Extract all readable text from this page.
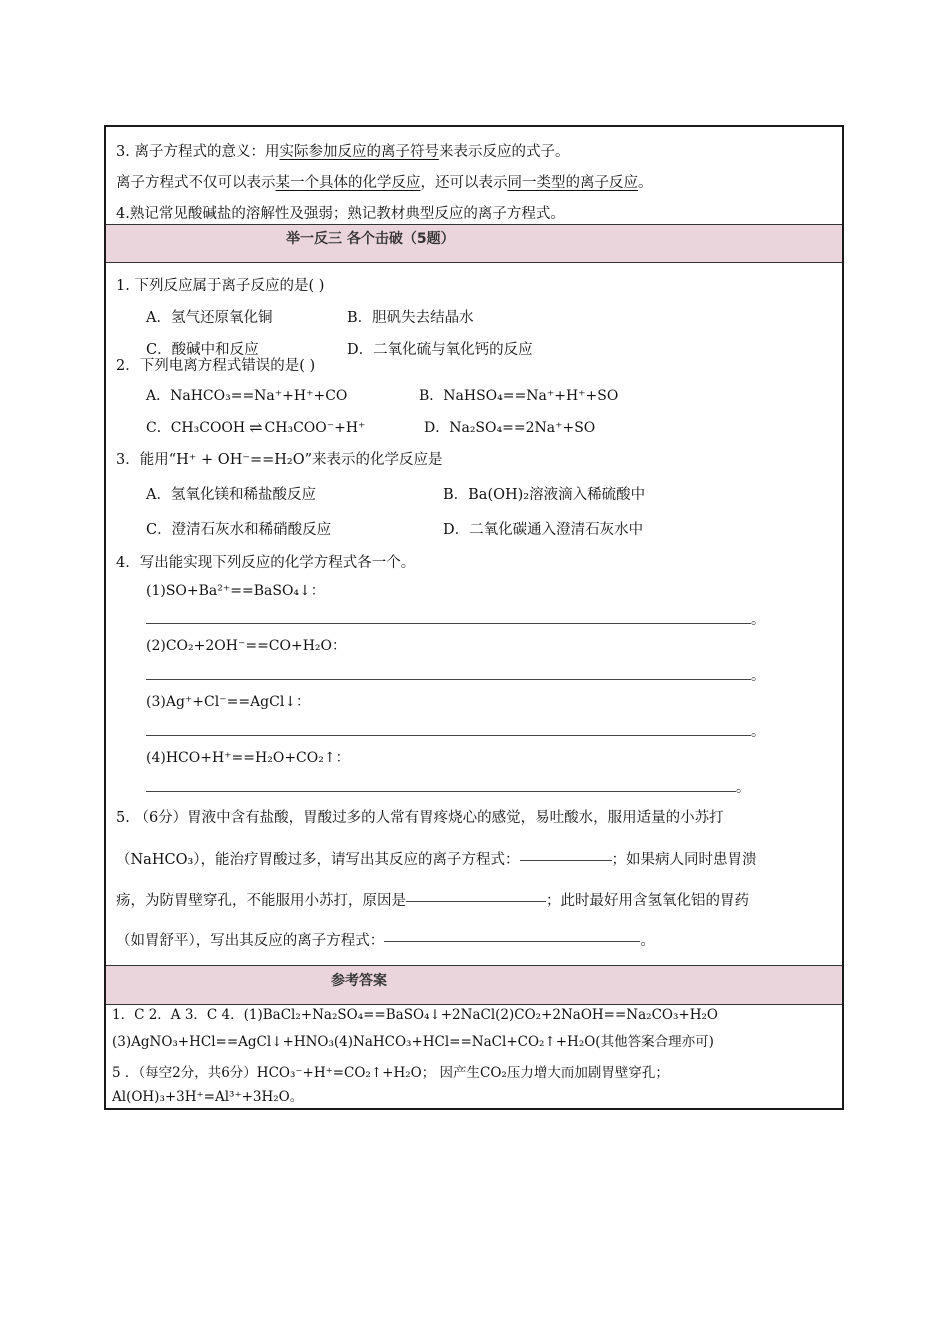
3. 离子方程式的意义：用实际参加反应的离子符号来表示反应的式子。
离子方程式不仅可以表示某一个具体的化学反应，还可以表示同一类型的离子反应。
4.熟记常见酸碱盐的溶解性及强弱；熟记教材典型反应的离子方程式。
举一反三 各个击破（5题）
1. 下列反应属于离子反应的是( )
A．氢气还原氧化铜	B．胆矾失去结晶水
C．酸碱中和反应	D．二氧化硫与氧化钙的反应
2．下列电离方程式错误的是( )
A．NaHCO₃==Na⁺+H⁺+CO	B．NaHSO₄==Na⁺+H⁺+SO
C．CH₃COOH ⇌ CH₃COO⁻+H⁺	D．Na₂SO₄==2Na⁺+SO
3．能用“H⁺ + OH⁻==H₂O”来表示的化学反应是
A．氢氧化镁和稀盐酸反应	B．Ba(OH)₂溶液滴入稀硫酸中
C．澄清石灰水和稀硝酸反应	D．二氧化碳通入澄清石灰水中
4．写出能实现下列反应的化学方程式各一个。
(1)SO+Ba²⁺==BaSO₄↓：
。
(2)CO₂+2OH⁻==CO+H₂O：
。
(3)Ag⁺+Cl⁻==AgCl↓：
。
(4)HCO+H⁺==H₂O+CO₂↑：
。
5. （6分）胃液中含有盐酸，胃酸过多的人常有胃疼烧心的感觉，易吐酸水，服用适量的小苏打
（NaHCO₃），能治疗胃酸过多，请写出其反应的离子方程式：	；如果病人同时患胃溃
疡，为防胃壁穿孔，不能服用小苏打，原因是	；此时最好用含氢氧化铝的胃药
（如胃舒平），写出其反应的离子方程式：	。
参考答案
1．C 2．A 3．C 4．(1)BaCl₂+Na₂SO₄==BaSO₄↓+2NaCl(2)CO₂+2NaOH==Na₂CO₃+H₂O
(3)AgNO₃+HCl==AgCl↓+HNO₃(4)NaHCO₃+HCl==NaCl+CO₂↑+H₂O(其他答案合理亦可)
5 ．（每空2分，共6分）HCO₃⁻+H⁺=CO₂↑+H₂O； 因产生CO₂压力增大而加剧胃壁穿孔；
Al(OH)₃+3H⁺=Al³⁺+3H₂O。
